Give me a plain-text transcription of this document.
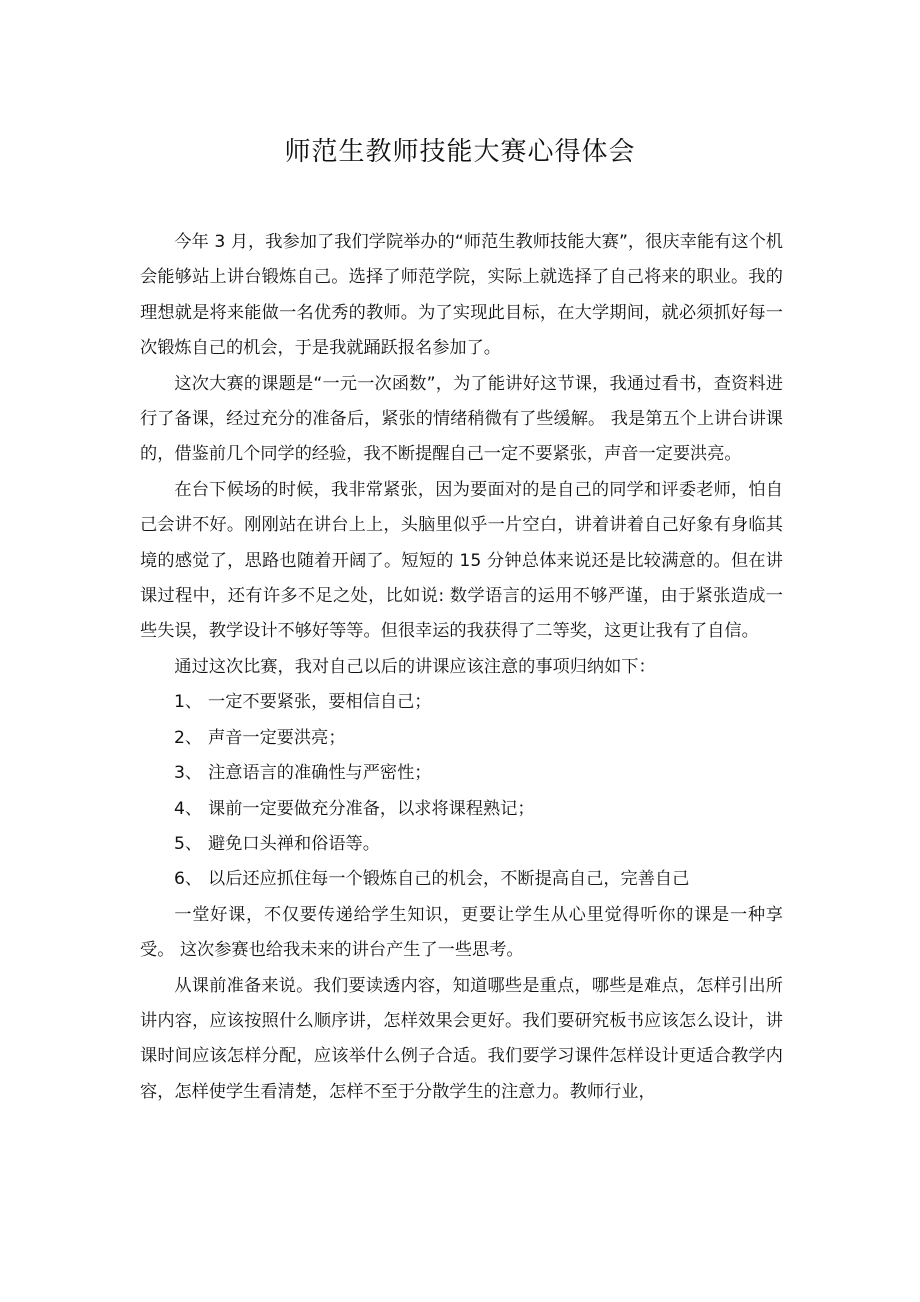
师范生教师技能大赛心得体会

今年 3 月，我参加了我们学院举办的“师范生教师技能大赛”，很庆幸能有这个机会能够站上讲台锻炼自己。选择了师范学院，实际上就选择了自己将来的职业。我的理想就是将来能做一名优秀的教师。为了实现此目标，在大学期间，就必须抓好每一次锻炼自己的机会，于是我就踊跃报名参加了。

这次大赛的课题是“一元一次函数”，为了能讲好这节课，我通过看书，查资料进行了备课，经过充分的准备后，紧张的情绪稍微有了些缓解。 我是第五个上讲台讲课的，借鉴前几个同学的经验，我不断提醒自己一定不要紧张，声音一定要洪亮。

在台下候场的时候，我非常紧张，因为要面对的是自己的同学和评委老师，怕自己会讲不好。刚刚站在讲台上上，头脑里似乎一片空白，讲着讲着自己好象有身临其境的感觉了，思路也随着开阔了。短短的 15 分钟总体来说还是比较满意的。但在讲课过程中，还有许多不足之处，比如说: 数学语言的运用不够严谨，由于紧张造成一些失误，教学设计不够好等等。但很幸运的我获得了二等奖，这更让我有了自信。

通过这次比赛，我对自己以后的讲课应该注意的事项归纳如下：

1、 一定不要紧张，要相信自己；

2、 声音一定要洪亮；

3、 注意语言的准确性与严密性；

4、 课前一定要做充分准备，以求将课程熟记；

5、 避免口头禅和俗语等。

6、 以后还应抓住每一个锻炼自己的机会，不断提高自己，完善自己

一堂好课，不仅要传递给学生知识，更要让学生从心里觉得听你的课是一种享受。 这次参赛也给我未来的讲台产生了一些思考。

从课前准备来说。我们要读透内容，知道哪些是重点，哪些是难点，怎样引出所讲内容，应该按照什么顺序讲，怎样效果会更好。我们要研究板书应该怎么设计，讲课时间应该怎样分配，应该举什么例子合适。我们要学习课件怎样设计更适合教学内容，怎样使学生看清楚，怎样不至于分散学生的注意力。教师行业，
